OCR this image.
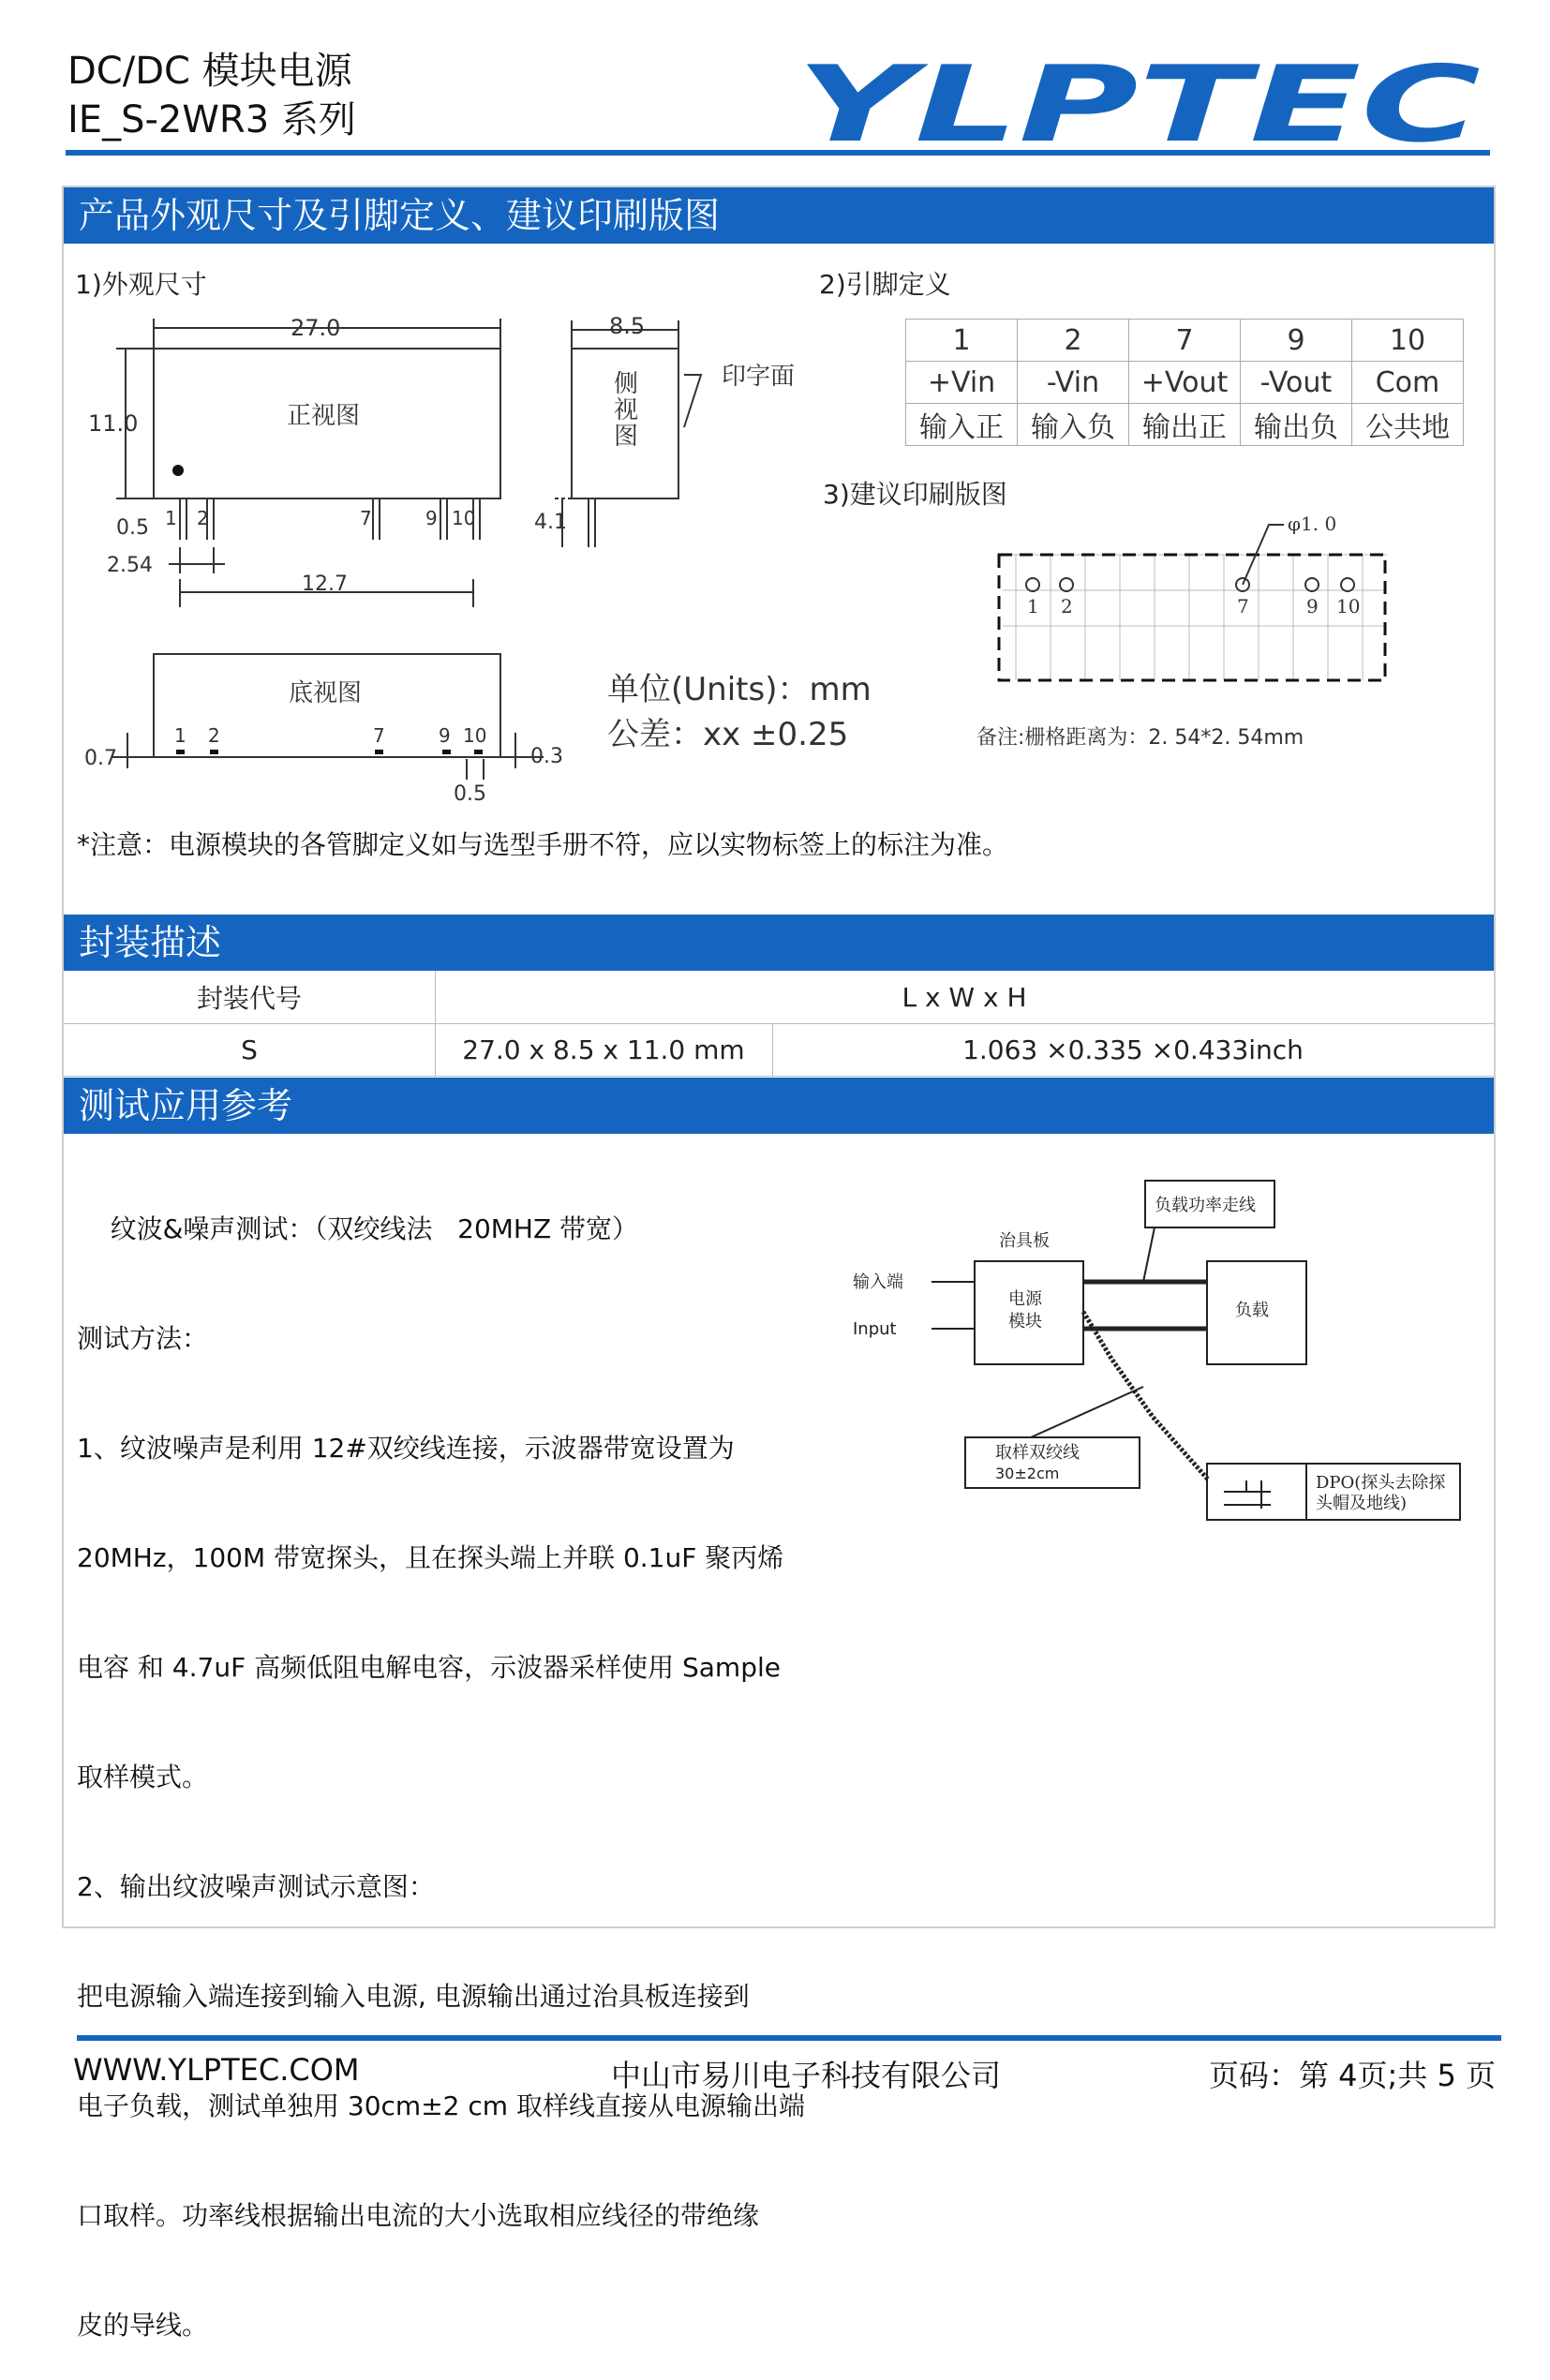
DC/DC 模块电源
IE_S-2WR3 系列	YLPTEC
产品外观尺寸及引脚定义、建议印刷版图
1)外观尺寸	2)引脚定义
3)建议印刷版图
27.0
11.0	正视图
8.5
印字面
0.5
2.54
12.7
4.1
底视图
0.7	0.3
0.5
1 2	7	9 10
1 2	7	9 10
侧视图
1	2	7	9	10
+Vin	-Vin	+Vout	-Vout	Com
输入正	输入负	输出正	输出负	公共地
φ1. 0
1 2	7	9 10
单位(Units)：mm
公差：xx ±0.25	备注:栅格距离为：2. 54*2. 54mm
*注意：电源模块的各管脚定义如与选型手册不符，应以实物标签上的标注为准。
封装描述
封装代号	L x W x H
S	27.0 x 8.5 x 11.0 mm	1.063 ×0.335 ×0.433inch
测试应用参考

纹波&噪声测试：（双绞线法   20MHZ 带宽）

测试方法：

1、纹波噪声是利用 12#双绞线连接，示波器带宽设置为

20MHz，100M 带宽探头，且在探头端上并联 0.1uF 聚丙烯

电容 和 4.7uF 高频低阻电解电容，示波器采样使用 Sample

取样模式。

2、输出纹波噪声测试示意图：

把电源输入端连接到输入电源, 电源输出通过治具板连接到

电子负载，测试单独用 30cm±2 cm 取样线直接从电源输出端

口取样。功率线根据输出电流的大小选取相应线径的带绝缘

皮的导线。

负载功率走线
治具板
输入端
Input
电源
模块
负载
取样双绞线
30±2cm	DPO(探头去除探
头帽及地线)
WWW.YLPTEC.COM	中山市易川电子科技有限公司	页码：第 4页;共 5 页
